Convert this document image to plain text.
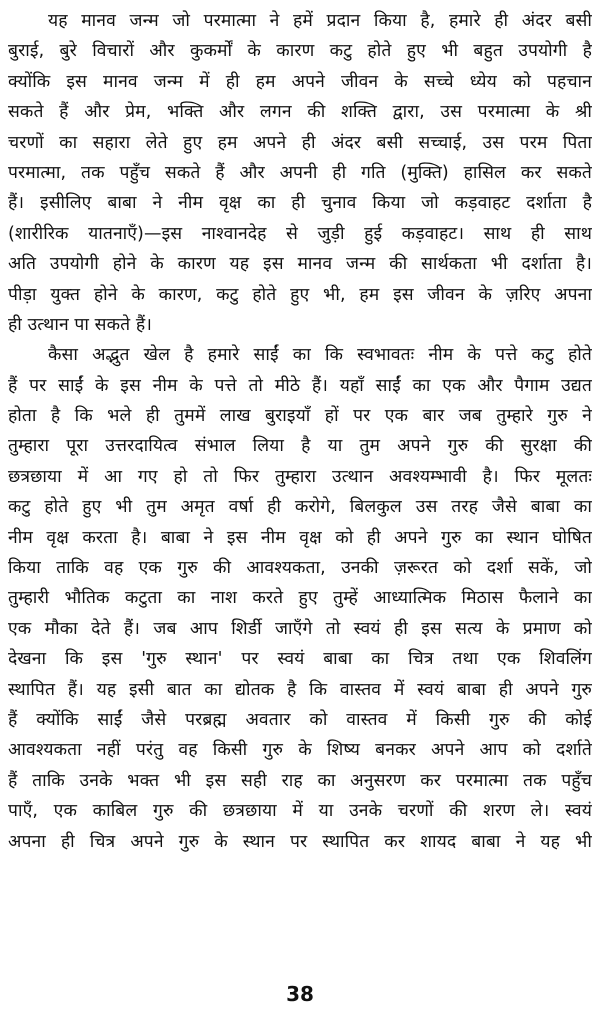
यह मानव जन्म जो परमात्मा ने हमें प्रदान किया है, हमारे ही अंदर बसी
बुराई, बुरे विचारों और कुकर्मों के कारण कटु होते हुए भी बहुत उपयोगी है
क्योंकि इस मानव जन्म में ही हम अपने जीवन के सच्चे ध्येय को पहचान
सकते हैं और प्रेम, भक्ति और लगन की शक्ति द्वारा, उस परमात्मा के श्री
चरणों का सहारा लेते हुए हम अपने ही अंदर बसी सच्चाई, उस परम पिता
परमात्मा, तक पहुँच सकते हैं और अपनी ही गति (मुक्ति) हासिल कर सकते
हैं। इसीलिए बाबा ने नीम वृक्ष का ही चुनाव किया जो कड़वाहट दर्शाता है
(शारीरिक यातनाएँ)—इस नाश्वानदेह से जुड़ी हुई कड़वाहट। साथ ही साथ
अति उपयोगी होने के कारण यह इस मानव जन्म की सार्थकता भी दर्शाता है।
पीड़ा युक्त होने के कारण, कटु होते हुए भी, हम इस जीवन के ज़रिए अपना
ही उत्थान पा सकते हैं।
कैसा अद्भुत खेल है हमारे साईं का कि स्वभावतः नीम के पत्ते कटु होते
हैं पर साईं के इस नीम के पत्ते तो मीठे हैं। यहाँ साईं का एक और पैगाम उद्यत
होता है कि भले ही तुममें लाख बुराइयाँ हों पर एक बार जब तुम्हारे गुरु ने
तुम्हारा पूरा उत्तरदायित्व संभाल लिया है या तुम अपने गुरु की सुरक्षा की
छत्रछाया में आ गए हो तो फिर तुम्हारा उत्थान अवश्यम्भावी है। फिर मूलतः
कटु होते हुए भी तुम अमृत वर्षा ही करोगे, बिलकुल उस तरह जैसे बाबा का
नीम वृक्ष करता है। बाबा ने इस नीम वृक्ष को ही अपने गुरु का स्थान घोषित
किया ताकि वह एक गुरु की आवश्यकता, उनकी ज़रूरत को दर्शा सकें, जो
तुम्हारी भौतिक कटुता का नाश करते हुए तुम्हें आध्यात्मिक मिठास फैलाने का
एक मौका देते हैं। जब आप शिर्डी जाएँगे तो स्वयं ही इस सत्य के प्रमाण को
देखना कि इस 'गुरु स्थान' पर स्वयं बाबा का चित्र तथा एक शिवलिंग
स्थापित हैं। यह इसी बात का द्योतक है कि वास्तव में स्वयं बाबा ही अपने गुरु
हैं क्योंकि साईं जैसे परब्रह्म अवतार को वास्तव में किसी गुरु की कोई
आवश्यकता नहीं परंतु वह किसी गुरु के शिष्य बनकर अपने आप को दर्शाते
हैं ताकि उनके भक्त भी इस सही राह का अनुसरण कर परमात्मा तक पहुँच
पाएँ, एक काबिल गुरु की छत्रछाया में या उनके चरणों की शरण ले। स्वयं
अपना ही चित्र अपने गुरु के स्थान पर स्थापित कर शायद बाबा ने यह भी
38
